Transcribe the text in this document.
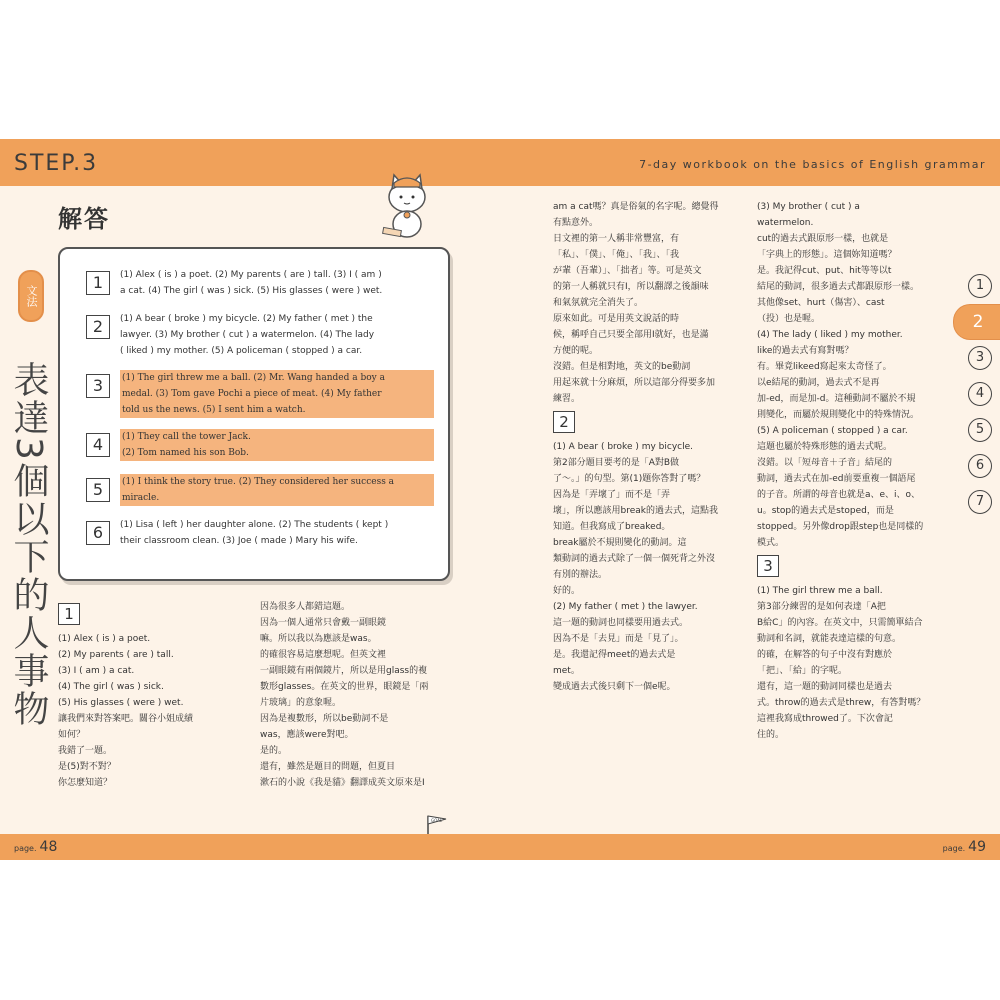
STEP.3	7-day workbook on the basics of English grammar
解答
文法
表達3個以下的人事物
1	(1) Alex ( is ) a poet. (2) My parents ( are ) tall. (3) I ( am )
a cat. (4) The girl ( was ) sick. (5) His glasses ( were ) wet.
2	(1) A bear ( broke ) my bicycle. (2) My father ( met ) the
lawyer. (3) My brother ( cut ) a watermelon. (4) The lady
( liked ) my mother. (5) A policeman ( stopped ) a car.
3	(1) The girl threw me a ball. (2) Mr. Wang handed a boy a
medal. (3) Tom gave Pochi a piece of meat. (4) My father
told us the news. (5) I sent him a watch.
4	(1) They call the tower Jack.
(2) Tom named his son Bob.
5	(1) I think the story true. (2) They considered her success a
miracle.
6	(1) Lisa ( left ) her daughter alone. (2) The students ( kept )
their classroom clean. (3) Joe ( made ) Mary his wife.
1
(1) Alex ( is ) a poet.
(2) My parents ( are ) tall.
(3) I ( am ) a cat.
(4) The girl ( was ) sick.
(5) His glasses ( were ) wet.
讓我們來對答案吧。關谷小姐成績
如何？
我錯了一題。
是(5)對不對？
你怎麼知道？
因為很多人都錯這題。
因為一個人通常只會戴一副眼鏡
嘛。所以我以為應該是was。
的確很容易這麼想呢。但英文裡
一副眼鏡有兩個鏡片，所以是用glass的複
數形glasses。在英文的世界，眼鏡是「兩
片玻璃」的意象喔。
因為是複數形，所以be動詞不是
was，應該were對吧。
是的。
還有，雖然是題目的問題，但夏目
漱石的小說《我是貓》翻譯成英文原來是I
am a cat嗎？真是俗氣的名字呢。總覺得
有點意外。
日文裡的第一人稱非常豐富，有
「私」、「僕」、「俺」、「我」、「我
が輩（吾輩）」、「拙者」等。可是英文
的第一人稱就只有I，所以翻譯之後韻味
和氣氛就完全消失了。
原來如此。可是用英文說話的時
候，稱呼自己只要全部用I就好，也是滿
方便的呢。
沒錯。但是相對地，英文的be動詞
用起來就十分麻煩，所以這部分得要多加
練習。
2

(1) A bear ( broke ) my bicycle.
第2部分題目要考的是「A對B做
了～。」的句型。第(1)題你答對了嗎？
因為是「弄壞了」而不是「弄
壞」，所以應該用break的過去式，這點我
知道。但我寫成了breaked。
break屬於不規則變化的動詞。這
類動詞的過去式除了一個一個死背之外沒
有別的辦法。
好的。
(2) My father ( met ) the lawyer.
這一題的動詞也同樣要用過去式。
因為不是「去見」而是「見了」。
是。我還記得meet的過去式是
met。
變成過去式後只剩下一個e呢。
(3) My brother ( cut ) a
watermelon.
cut的過去式跟原形一樣，也就是
「字典上的形態」。這個妳知道嗎？
是。我記得cut、put、hit等等以t
結尾的動詞，很多過去式都跟原形一樣。
其他像set、hurt（傷害）、cast
（投）也是喔。
(4) The lady ( liked ) my mother.
like的過去式有寫對嗎？
有。畢竟likeed寫起來太奇怪了。
以e結尾的動詞，過去式不是再
加-ed，而是加-d。這種動詞不屬於不規
則變化，而屬於規則變化中的特殊情況。
(5) A policeman ( stopped ) a car.
這題也屬於特殊形態的過去式呢。
沒錯。以「短母音＋子音」結尾的
動詞，過去式在加-ed前要重複一個語尾
的子音。所謂的母音也就是a、e、i、o、
u。stop的過去式是stoped，而是
stopped。另外像drop跟step也是同樣的
模式。
3

(1) The girl threw me a ball.
第3部分練習的是如何表達「A把
B給C」的內容。在英文中，只需簡單結合
動詞和名詞，就能表達這樣的句意。
的確，在解答的句子中沒有對應於
「把」、「給」的字呢。
還有，這一題的動詞同樣也是過去
式。throw的過去式是threw，有答對嗎？
這裡我寫成throwed了。下次會記
住的。
1
2
3
4
5
6
7
page. 48	page. 49
GOAL
